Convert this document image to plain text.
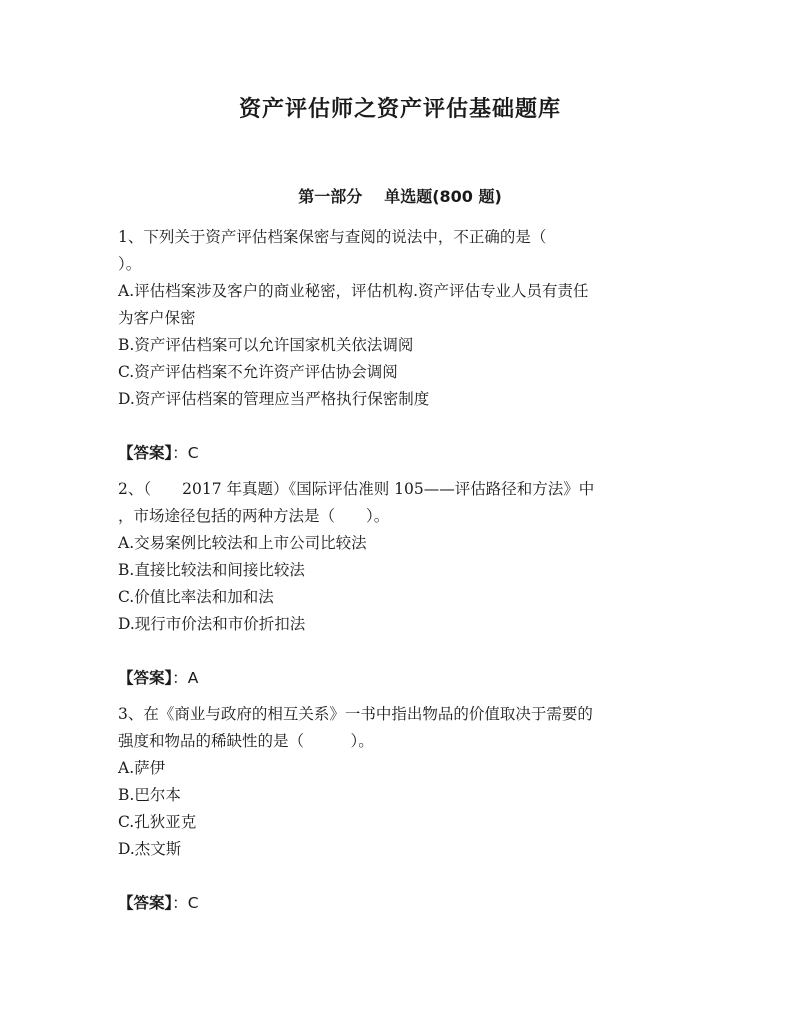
资产评估师之资产评估基础题库
第一部分 单选题(800 题)

1、下列关于资产评估档案保密与查阅的说法中，不正确的是（

）。

A.评估档案涉及客户的商业秘密，评估机构.资产评估专业人员有责任

为客户保密

B.资产评估档案可以允许国家机关依法调阅

C.资产评估档案不允许资产评估协会调阅

D.资产评估档案的管理应当严格执行保密制度

【答案】：C

2、（　　2017 年真题）《国际评估准则 105——评估路径和方法》中

，市场途径包括的两种方法是（　　）。

A.交易案例比较法和上市公司比较法

B.直接比较法和间接比较法

C.价值比率法和加和法

D.现行市价法和市价折扣法

【答案】：A

3、在《商业与政府的相互关系》一书中指出物品的价值取决于需要的

强度和物品的稀缺性的是（　　　）。

A.萨伊

B.巴尔本

C.孔狄亚克

D.杰文斯

【答案】：C
